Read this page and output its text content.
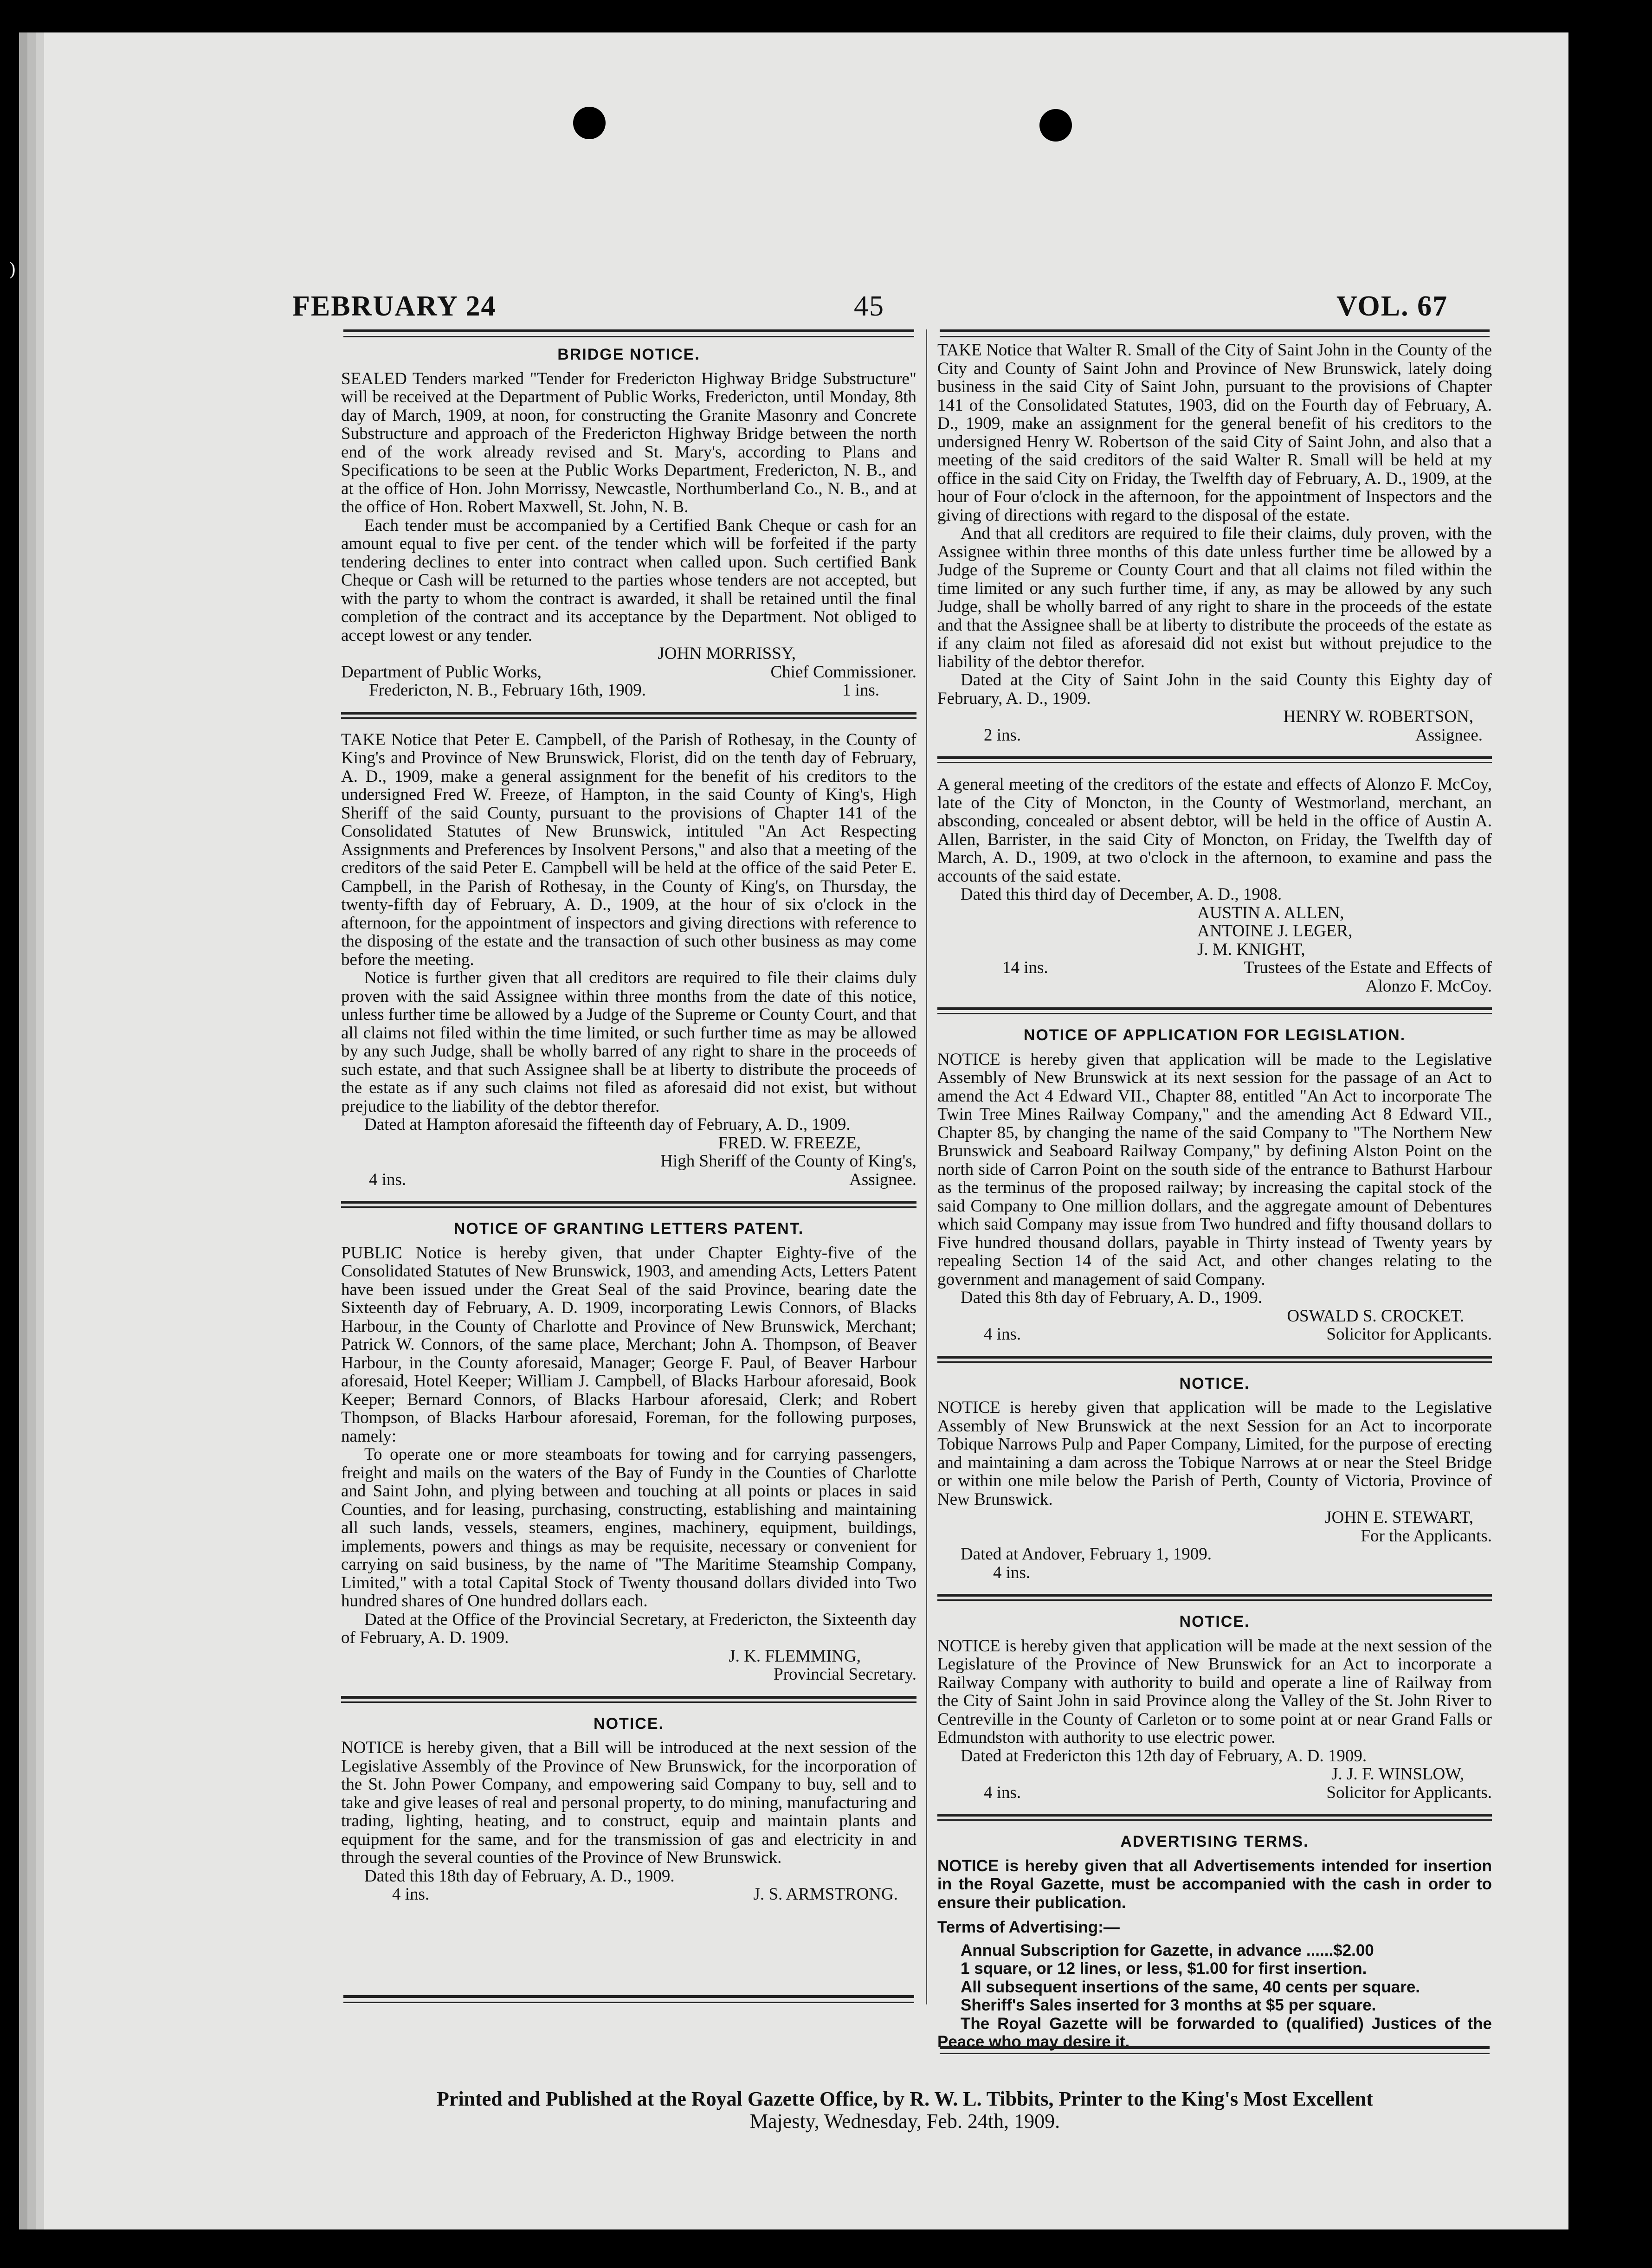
)
FEBRUARY 24	45	VOL. 67
BRIDGE NOTICE.

SEALED Tenders marked "Tender for Fredericton Highway Bridge Substructure" will be received at the Department of Public Works, Fredericton, until Monday, 8th day of March, 1909, at noon, for constructing the Granite Masonry and Concrete Substructure and approach of the Fredericton Highway Bridge between the north end of the work already revised and St. Mary's, according to Plans and Specifications to be seen at the Public Works Department, Fredericton, N. B., and at the office of Hon. John Morrissy, Newcastle, Northumberland Co., N. B., and at the office of Hon. Robert Maxwell, St. John, N. B.

Each tender must be accompanied by a Certified Bank Cheque or cash for an amount equal to five per cent. of the tender which will be forfeited if the party tendering declines to enter into contract when called upon. Such certified Bank Cheque or Cash will be returned to the parties whose tenders are not accepted, but with the party to whom the contract is awarded, it shall be retained until the final completion of the contract and its acceptance by the Department. Not obliged to accept lowest or any tender.

JOHN MORRISSY,
Department of Public Works,	Chief Commissioner.
Fredericton, N. B., February 16th, 1909.	1 ins.

TAKE Notice that Peter E. Campbell, of the Parish of Rothesay, in the County of King's and Province of New Brunswick, Florist, did on the tenth day of February, A. D., 1909, make a general assignment for the benefit of his creditors to the undersigned Fred W. Freeze, of Hampton, in the said County of King's, High Sheriff of the said County, pursuant to the provisions of Chapter 141 of the Consolidated Statutes of New Brunswick, intituled "An Act Respecting Assignments and Preferences by Insolvent Persons," and also that a meeting of the creditors of the said Peter E. Campbell will be held at the office of the said Peter E. Campbell, in the Parish of Rothesay, in the County of King's, on Thursday, the twenty-fifth day of February, A. D., 1909, at the hour of six o'clock in the afternoon, for the appointment of inspectors and giving directions with reference to the disposing of the estate and the transaction of such other business as may come before the meeting.

Notice is further given that all creditors are required to file their claims duly proven with the said Assignee within three months from the date of this notice, unless further time be allowed by a Judge of the Supreme or County Court, and that all claims not filed within the time limited, or such further time as may be allowed by any such Judge, shall be wholly barred of any right to share in the proceeds of such estate, and that such Assignee shall be at liberty to distribute the proceeds of the estate as if any such claims not filed as aforesaid did not exist, but without prejudice to the liability of the debtor therefor.

Dated at Hampton aforesaid the fifteenth day of February, A. D., 1909.

FRED. W. FREEZE,
High Sheriff of the County of King's,
4 ins.	Assignee.
NOTICE OF GRANTING LETTERS PATENT.

PUBLIC Notice is hereby given, that under Chapter Eighty-five of the Consolidated Statutes of New Brunswick, 1903, and amending Acts, Letters Patent have been issued under the Great Seal of the said Province, bearing date the Sixteenth day of February, A. D. 1909, incorporating Lewis Connors, of Blacks Harbour, in the County of Charlotte and Province of New Brunswick, Merchant; Patrick W. Connors, of the same place, Merchant; John A. Thompson, of Beaver Harbour, in the County aforesaid, Manager; George F. Paul, of Beaver Harbour aforesaid, Hotel Keeper; William J. Campbell, of Blacks Harbour aforesaid, Book Keeper; Bernard Connors, of Blacks Harbour aforesaid, Clerk; and Robert Thompson, of Blacks Harbour aforesaid, Foreman, for the following purposes, namely:

To operate one or more steamboats for towing and for carrying passengers, freight and mails on the waters of the Bay of Fundy in the Counties of Charlotte and Saint John, and plying between and touching at all points or places in said Counties, and for leasing, purchasing, constructing, establishing and maintaining all such lands, vessels, steamers, engines, machinery, equipment, buildings, implements, powers and things as may be requisite, necessary or convenient for carrying on said business, by the name of "The Maritime Steamship Company, Limited," with a total Capital Stock of Twenty thousand dollars divided into Two hundred shares of One hundred dollars each.

Dated at the Office of the Provincial Secretary, at Fredericton, the Sixteenth day of February, A. D. 1909.

J. K. FLEMMING,
Provincial Secretary.
NOTICE.

NOTICE is hereby given, that a Bill will be introduced at the next session of the Legislative Assembly of the Province of New Brunswick, for the incorporation of the St. John Power Company, and empowering said Company to buy, sell and to take and give leases of real and personal property, to do mining, manufacturing and trading, lighting, heating, and to construct, equip and maintain plants and equipment for the same, and for the transmission of gas and electricity in and through the several counties of the Province of New Brunswick.

Dated this 18th day of February, A. D., 1909.

4 ins.	J. S. ARMSTRONG.

TAKE Notice that Walter R. Small of the City of Saint John in the County of the City and County of Saint John and Province of New Brunswick, lately doing business in the said City of Saint John, pursuant to the provisions of Chapter 141 of the Consolidated Statutes, 1903, did on the Fourth day of February, A. D., 1909, make an assignment for the general benefit of his creditors to the undersigned Henry W. Robertson of the said City of Saint John, and also that a meeting of the said creditors of the said Walter R. Small will be held at my office in the said City on Friday, the Twelfth day of February, A. D., 1909, at the hour of Four o'clock in the afternoon, for the appointment of Inspectors and the giving of directions with regard to the disposal of the estate.

And that all creditors are required to file their claims, duly proven, with the Assignee within three months of this date unless further time be allowed by a Judge of the Supreme or County Court and that all claims not filed within the time limited or any such further time, if any, as may be allowed by any such Judge, shall be wholly barred of any right to share in the proceeds of the estate and that the Assignee shall be at liberty to distribute the proceeds of the estate as if any claim not filed as aforesaid did not exist but without prejudice to the liability of the debtor therefor.

Dated at the City of Saint John in the said County this Eighty day of February, A. D., 1909.

HENRY W. ROBERTSON,
2 ins.	Assignee.

A general meeting of the creditors of the estate and effects of Alonzo F. McCoy, late of the City of Moncton, in the County of Westmorland, merchant, an absconding, concealed or absent debtor, will be held in the office of Austin A. Allen, Barrister, in the said City of Moncton, on Friday, the Twelfth day of March, A. D., 1909, at two o'clock in the afternoon, to examine and pass the accounts of the said estate.

Dated this third day of December, A. D., 1908.

AUSTIN A. ALLEN,
ANTOINE J. LEGER,
J. M. KNIGHT,
14 ins.	Trustees of the Estate and Effects of
Alonzo F. McCoy.
NOTICE OF APPLICATION FOR LEGISLATION.

NOTICE is hereby given that application will be made to the Legislative Assembly of New Brunswick at its next session for the passage of an Act to amend the Act 4 Edward VII., Chapter 88, entitled "An Act to incorporate The Twin Tree Mines Railway Company," and the amending Act 8 Edward VII., Chapter 85, by changing the name of the said Company to "The Northern New Brunswick and Seaboard Railway Company," by defining Alston Point on the north side of Carron Point on the south side of the entrance to Bathurst Harbour as the terminus of the proposed railway; by increasing the capital stock of the said Company to One million dollars, and the aggregate amount of Debentures which said Company may issue from Two hundred and fifty thousand dollars to Five hundred thousand dollars, payable in Thirty instead of Twenty years by repealing Section 14 of the said Act, and other changes relating to the government and management of said Company.

Dated this 8th day of February, A. D., 1909.

OSWALD S. CROCKET.
4 ins.	Solicitor for Applicants.
NOTICE.

NOTICE is hereby given that application will be made to the Legislative Assembly of New Brunswick at the next Session for an Act to incorporate Tobique Narrows Pulp and Paper Company, Limited, for the purpose of erecting and maintaining a dam across the Tobique Narrows at or near the Steel Bridge or within one mile below the Parish of Perth, County of Victoria, Province of New Brunswick.

JOHN E. STEWART,
For the Applicants.

Dated at Andover, February 1, 1909.

4 ins.
NOTICE.

NOTICE is hereby given that application will be made at the next session of the Legislature of the Province of New Brunswick for an Act to incorporate a Railway Company with authority to build and operate a line of Railway from the City of Saint John in said Province along the Valley of the St. John River to Centreville in the County of Carleton or to some point at or near Grand Falls or Edmundston with authority to use electric power.

Dated at Fredericton this 12th day of February, A. D. 1909.

J. J. F. WINSLOW,
4 ins.	Solicitor for Applicants.
ADVERTISING TERMS.

NOTICE is hereby given that all Advertisements intended for insertion in the Royal Gazette, must be accompanied with the cash in order to ensure their publication.

Terms of Advertising:—

Annual Subscription for Gazette, in advance ......$2.00

1 square, or 12 lines, or less, $1.00 for first insertion.

All subsequent insertions of the same, 40 cents per square.

Sheriff's Sales inserted for 3 months at $5 per square.

The Royal Gazette will be forwarded to (qualified) Justices of the Peace who may desire it.

Printed and Published at the Royal Gazette Office, by R. W. L. Tibbits, Printer to the King's Most Excellent
Majesty, Wednesday, Feb. 24th, 1909.
